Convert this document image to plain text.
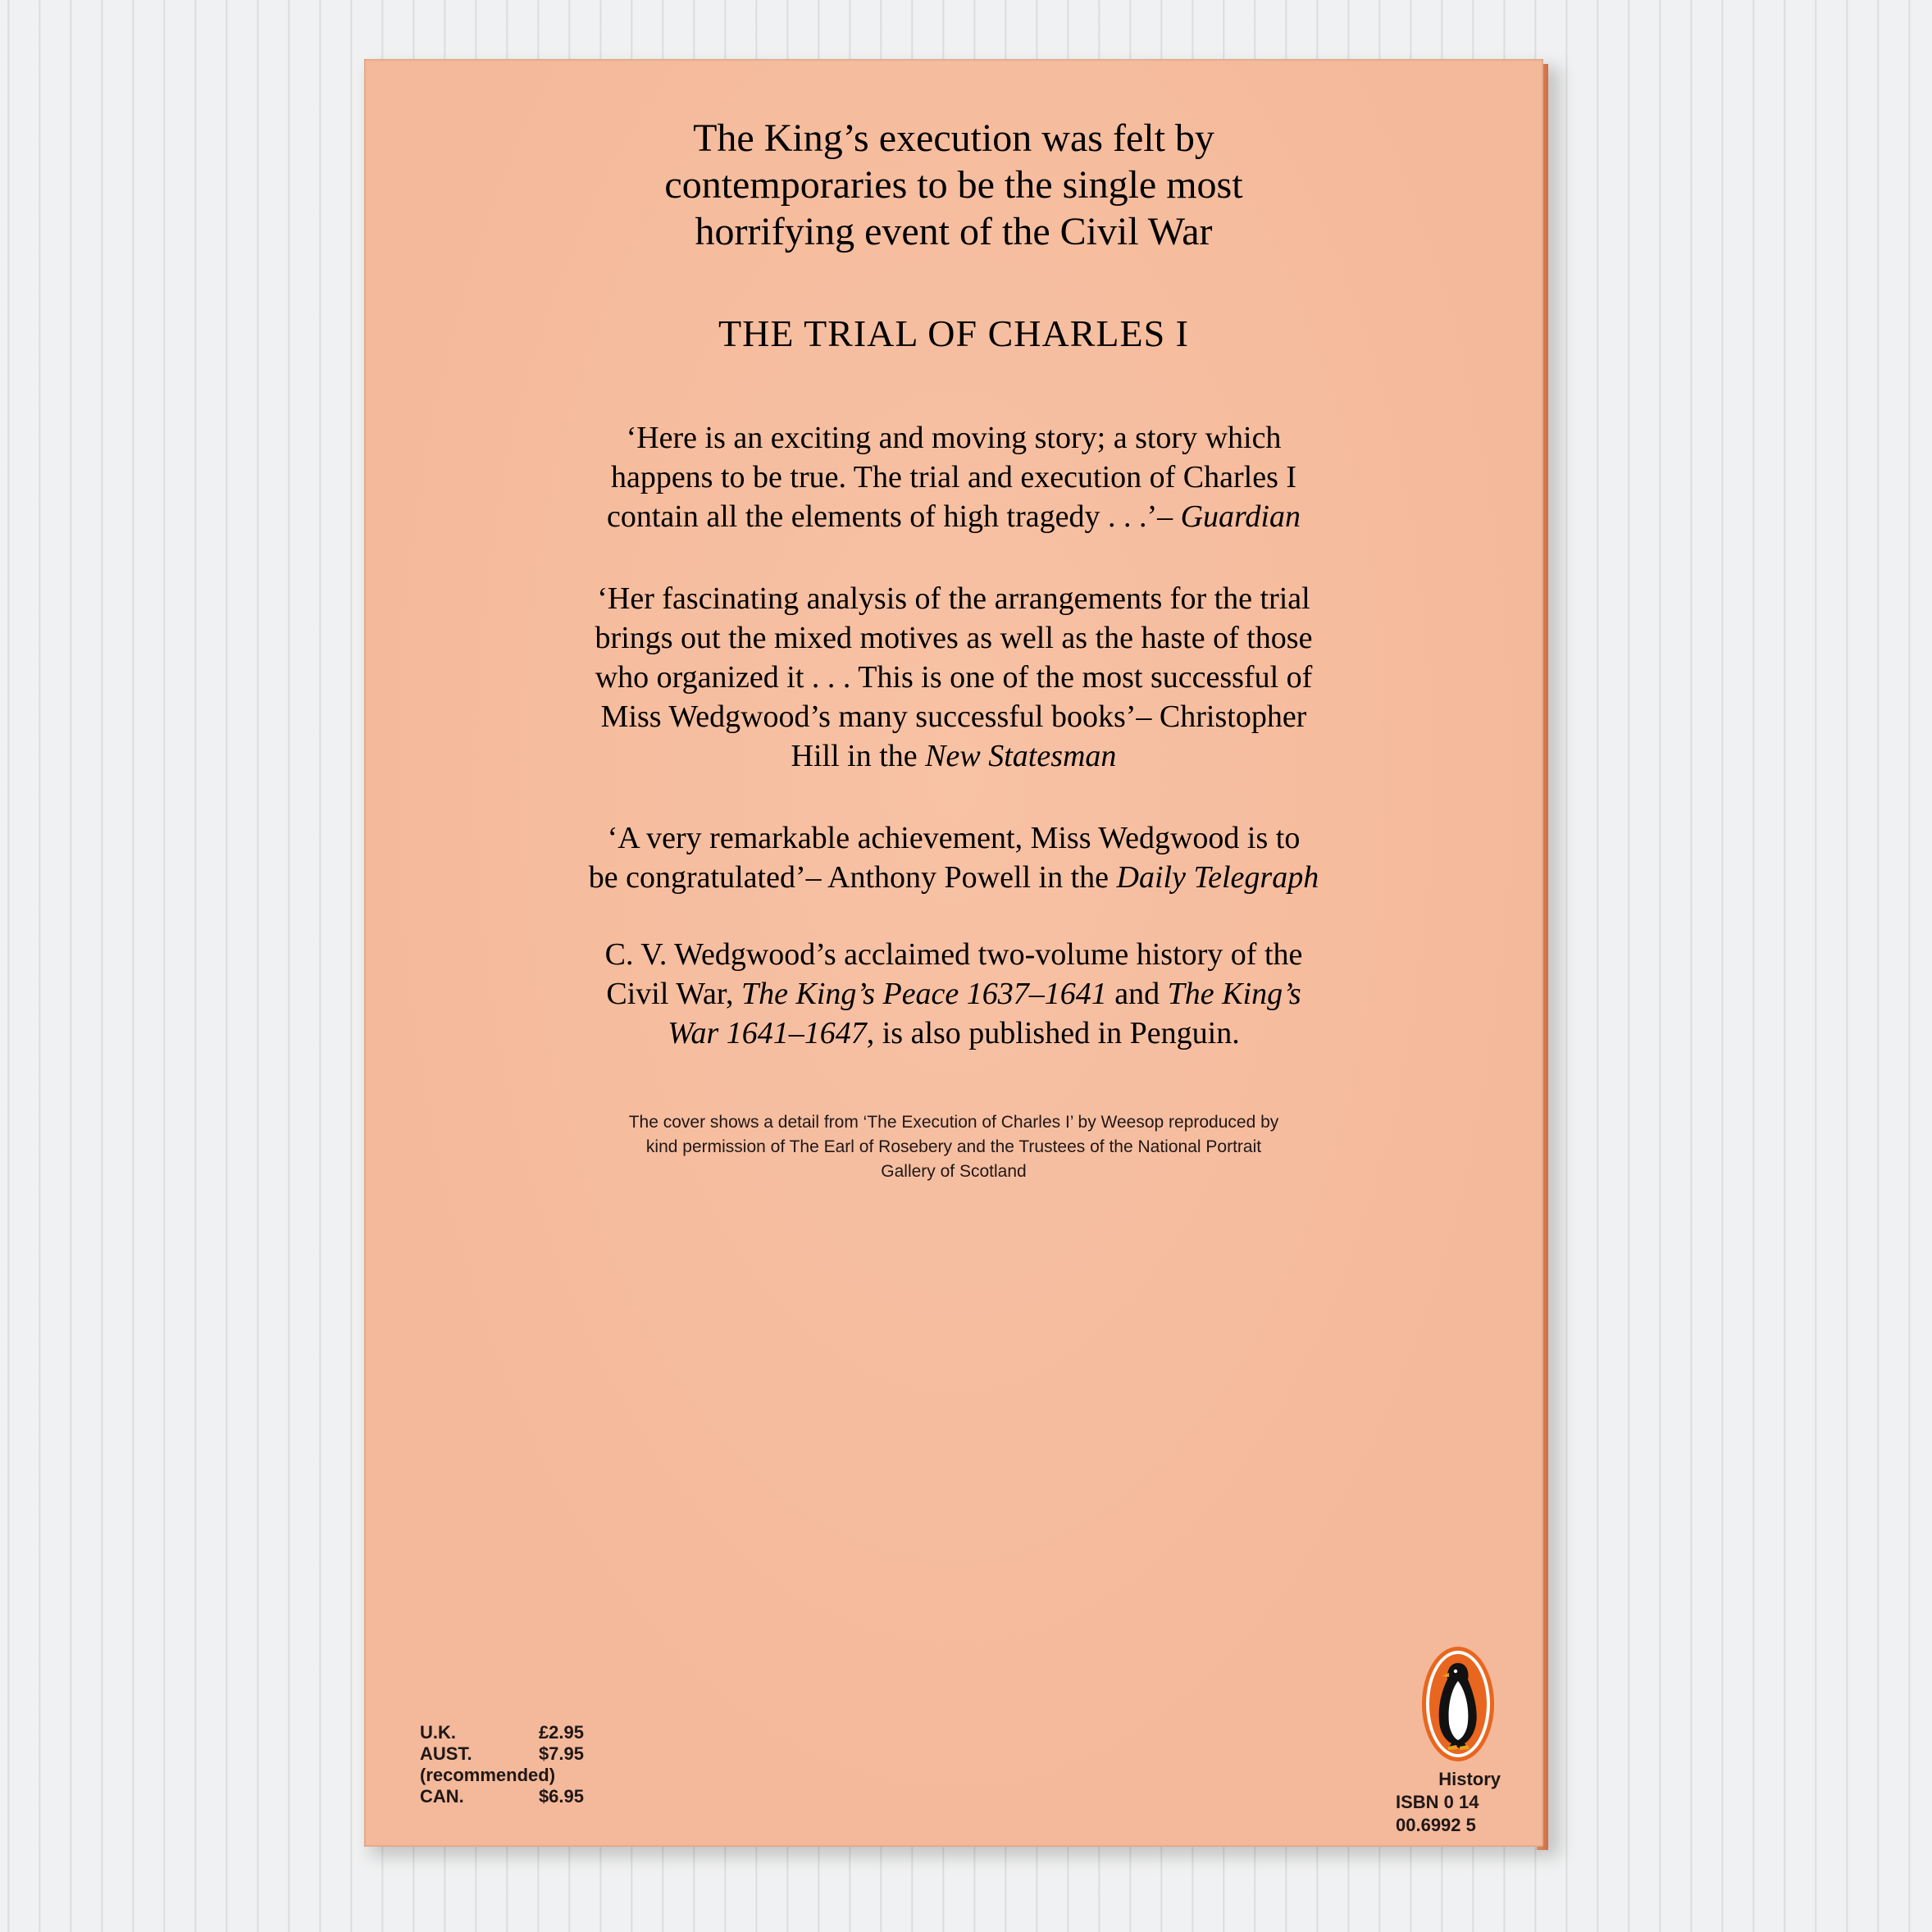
The King’s execution was felt by
contemporaries to be the single most
horrifying event of the Civil War
THE TRIAL OF CHARLES I
‘Here is an exciting and moving story; a story which
happens to be true. The trial and execution of Charles I
contain all the elements of high tragedy . . .’– Guardian
‘Her fascinating analysis of the arrangements for the trial
brings out the mixed motives as well as the haste of those
who organized it . . . This is one of the most successful of
Miss Wedgwood’s many successful books’– Christopher
Hill in the New Statesman
‘A very remarkable achievement, Miss Wedgwood is to
be congratulated’– Anthony Powell in the Daily Telegraph
C. V. Wedgwood’s acclaimed two-volume history of the
Civil War, The King’s Peace 1637–1641 and The King’s
War 1641–1647, is also published in Penguin.
The cover shows a detail from ‘The Execution of Charles I’ by Weesop reproduced by
kind permission of The Earl of Rosebery and the Trustees of the National Portrait
Gallery of Scotland
U.K.	£2.95
AUST.	$7.95
(recommended)
CAN.	$6.95
History
ISBN 0 14
00.6992 5
